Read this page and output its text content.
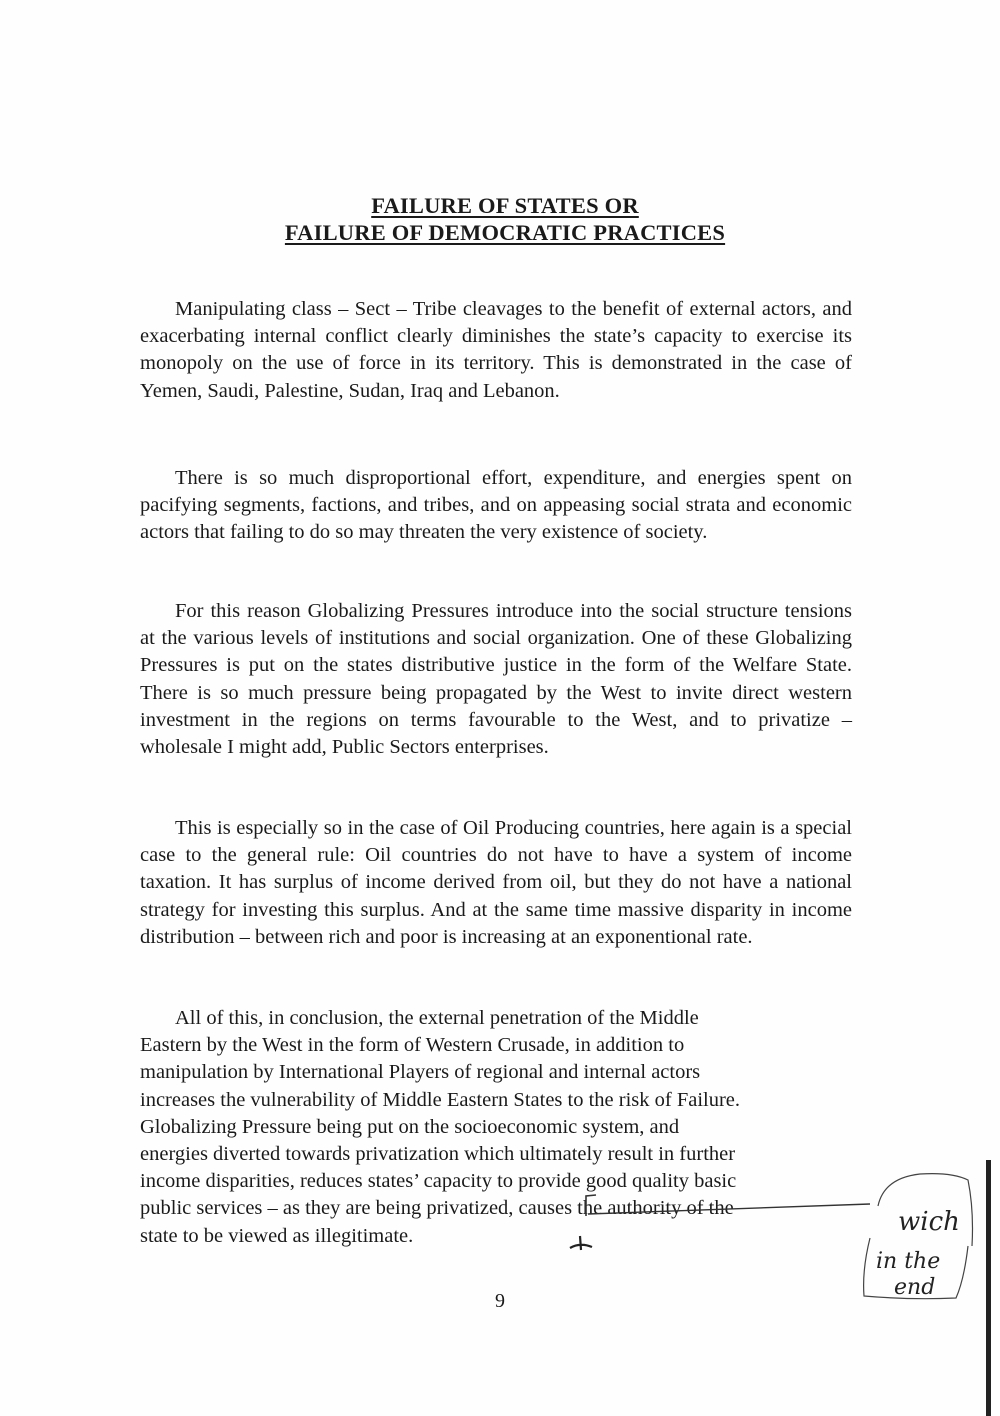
FAILURE OF STATES OR
FAILURE OF DEMOCRATIC PRACTICES

Manipulating class – Sect – Tribe cleavages to the benefit of external actors, and exacerbating internal conflict clearly diminishes the state’s capacity to exercise its monopoly on the use of force in its territory. This is demonstrated in the case of Yemen, Saudi, Palestine, Sudan, Iraq and Lebanon.

There is so much disproportional effort, expenditure, and energies spent on pacifying segments, factions, and tribes, and on appeasing social strata and economic actors that failing to do so may threaten the very existence of society.

For this reason Globalizing Pressures introduce into the social structure tensions at the various levels of institutions and social organization. One of these Globalizing Pressures is put on the states distributive justice in the form of the Welfare State. There is so much pressure being propagated by the West to invite direct western investment in the regions on terms favourable to the West, and to privatize – wholesale I might add, Public Sectors enterprises.

This is especially so in the case of Oil Producing countries, here again is a special case to the general rule: Oil countries do not have to have a system of income taxation. It has surplus of income derived from oil, but they do not have a national strategy for investing this surplus. And at the same time massive disparity in income distribution – between rich and poor is increasing at an exponentional rate.

All of this, in conclusion, the external penetration of the Middle
Eastern by the West in the form of Western Crusade, in addition to
manipulation by International Players of regional and internal actors
increases the vulnerability of Middle Eastern States to the risk of Failure.
Globalizing Pressure being put on the socioeconomic system, and
energies diverted towards privatization which ultimately result in further
income disparities, reduces states’ capacity to provide good quality basic
public services – as they are being privatized, causes the authority of the
state to be viewed as illegitimate.	wich
in the
end
9
